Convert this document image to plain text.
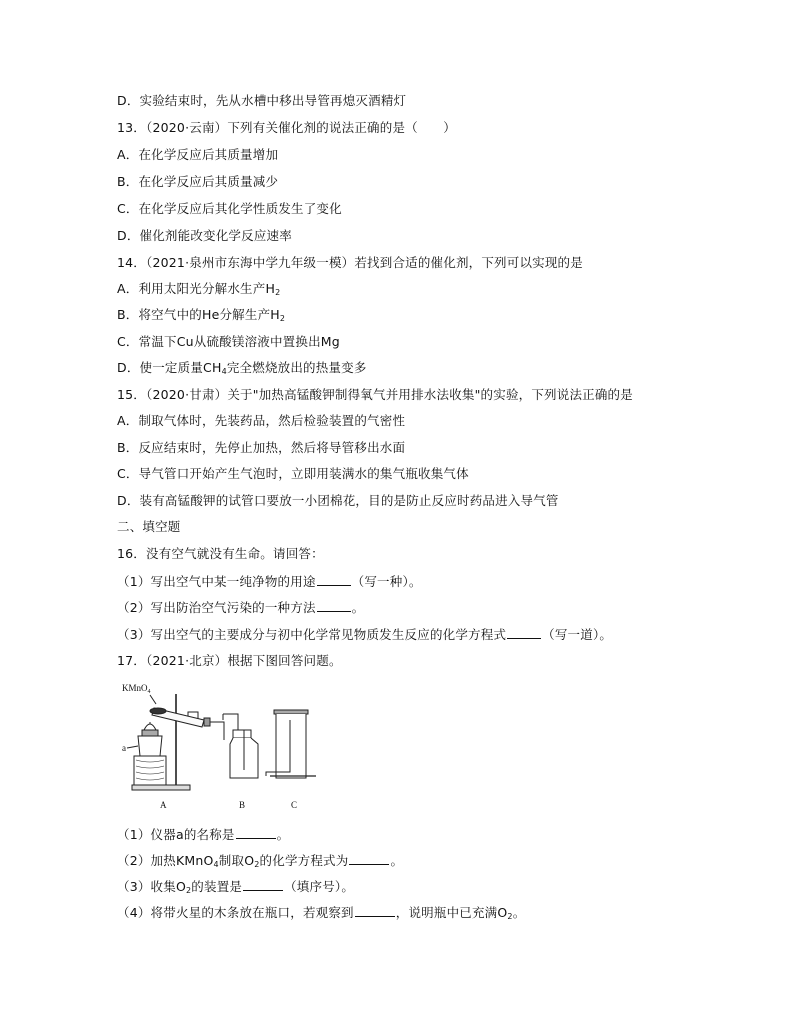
D．实验结束时，先从水槽中移出导管再熄灭酒精灯
13．（2020·云南）下列有关催化剂的说法正确的是（　　）
A．在化学反应后其质量增加
B．在化学反应后其质量减少
C．在化学反应后其化学性质发生了变化
D．催化剂能改变化学反应速率
14．（2021·泉州市东海中学九年级一模）若找到合适的催化剂，下列可以实现的是
A．利用太阳光分解水生产$H_2$
B．将空气中的He分解生产$H_2$
C．常温下Cu从硫酸镁溶液中置换出Mg
D．使一定质量$CH_4$完全燃烧放出的热量变多
15．（2020·甘肃）关于"加热高锰酸钾制得氧气并用排水法收集"的实验，下列说法正确的是
A．制取气体时，先装药品，然后检验装置的气密性
B．反应结束时，先停止加热，然后将导管移出水面
C．导气管口开始产生气泡时，立即用装满水的集气瓶收集气体
D．装有高锰酸钾的试管口要放一小团棉花，目的是防止反应时药品进入导气管
二、填空题
16．没有空气就没有生命。请回答：
（1）写出空气中某一纯净物的用途	（写一种）。
（2）写出防治空气污染的一种方法	。
（3）写出空气的主要成分与初中化学常见物质发生反应的化学方程式	（写一道）。
17．（2021·北京）根据下图回答问题。
KMnO$_4$
a
A	B	C
（1）仪器a的名称是	。
（2）加热KMnO$_4$制取$O_2$的化学方程式为	。
（3）收集$O_2$的装置是	（填序号）。
（4）将带火星的木条放在瓶口，若观察到	，说明瓶中已充满$O_2$。
